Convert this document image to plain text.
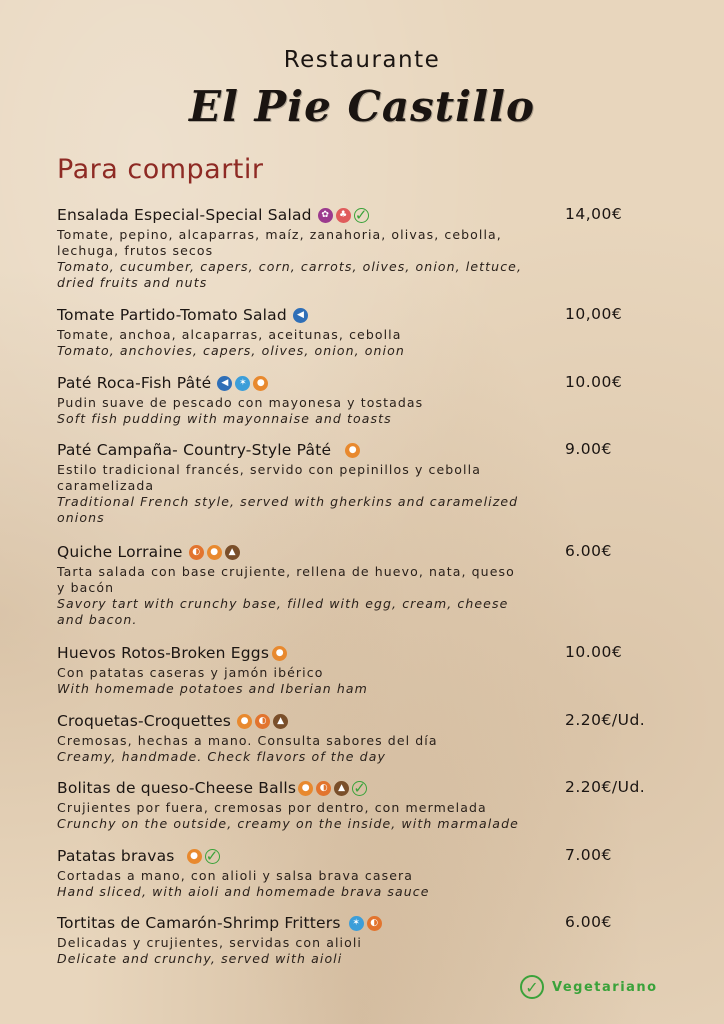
Restaurante
El Pie Castillo
Para compartir
Ensalada Especial-Special Salad	✿	♣ ✓	14,00€
Tomate, pepino, alcaparras, maíz, zanahoria, olivas, cebolla, lechuga, frutos secos
Tomato, cucumber, capers, corn, carrots, olives, onion, lettuce, dried fruits and nuts
Tomate Partido-Tomato Salad	◀	10,00€
Tomate, anchoa, alcaparras, aceitunas, cebolla
Tomato, anchovies, capers, olives, onion, onion
Paté Roca-Fish Pâté	◀	✶	●	10.00€
Pudin suave de pescado con mayonesa y tostadas
Soft fish pudding with mayonnaise and toasts
Paté Campaña- Country-Style Pâté	●	9.00€
Estilo tradicional francés, servido con pepinillos y cebolla caramelizada
Traditional French style, served with gherkins and caramelized onions
Quiche Lorraine	◐	●	▲	6.00€
Tarta salada con base crujiente, rellena de huevo, nata, queso y bacón
Savory tart with crunchy base, filled with egg, cream, cheese and bacon.
Huevos Rotos-Broken Eggs ●	10.00€
Con patatas caseras y jamón ibérico
With homemade potatoes and Iberian ham
Croquetas-Croquettes	●	◐	▲	2.20€/Ud.
Cremosas, hechas a mano. Consulta sabores del día
Creamy, handmade. Check flavors of the day
Bolitas de queso-Cheese Balls ●	◐	▲ ✓	2.20€/Ud.
Crujientes por fuera, cremosas por dentro, con mermelada
Crunchy on the outside, creamy on the inside, with marmalade
Patatas bravas	● ✓	7.00€
Cortadas a mano, con alioli y salsa brava casera
Hand sliced, with aioli and homemade brava sauce
Tortitas de Camarón-Shrimp Fritters	✶	◐	6.00€
Delicadas y crujientes, servidas con alioli
Delicate and crunchy, served with aioli
✓	Vegetariano
